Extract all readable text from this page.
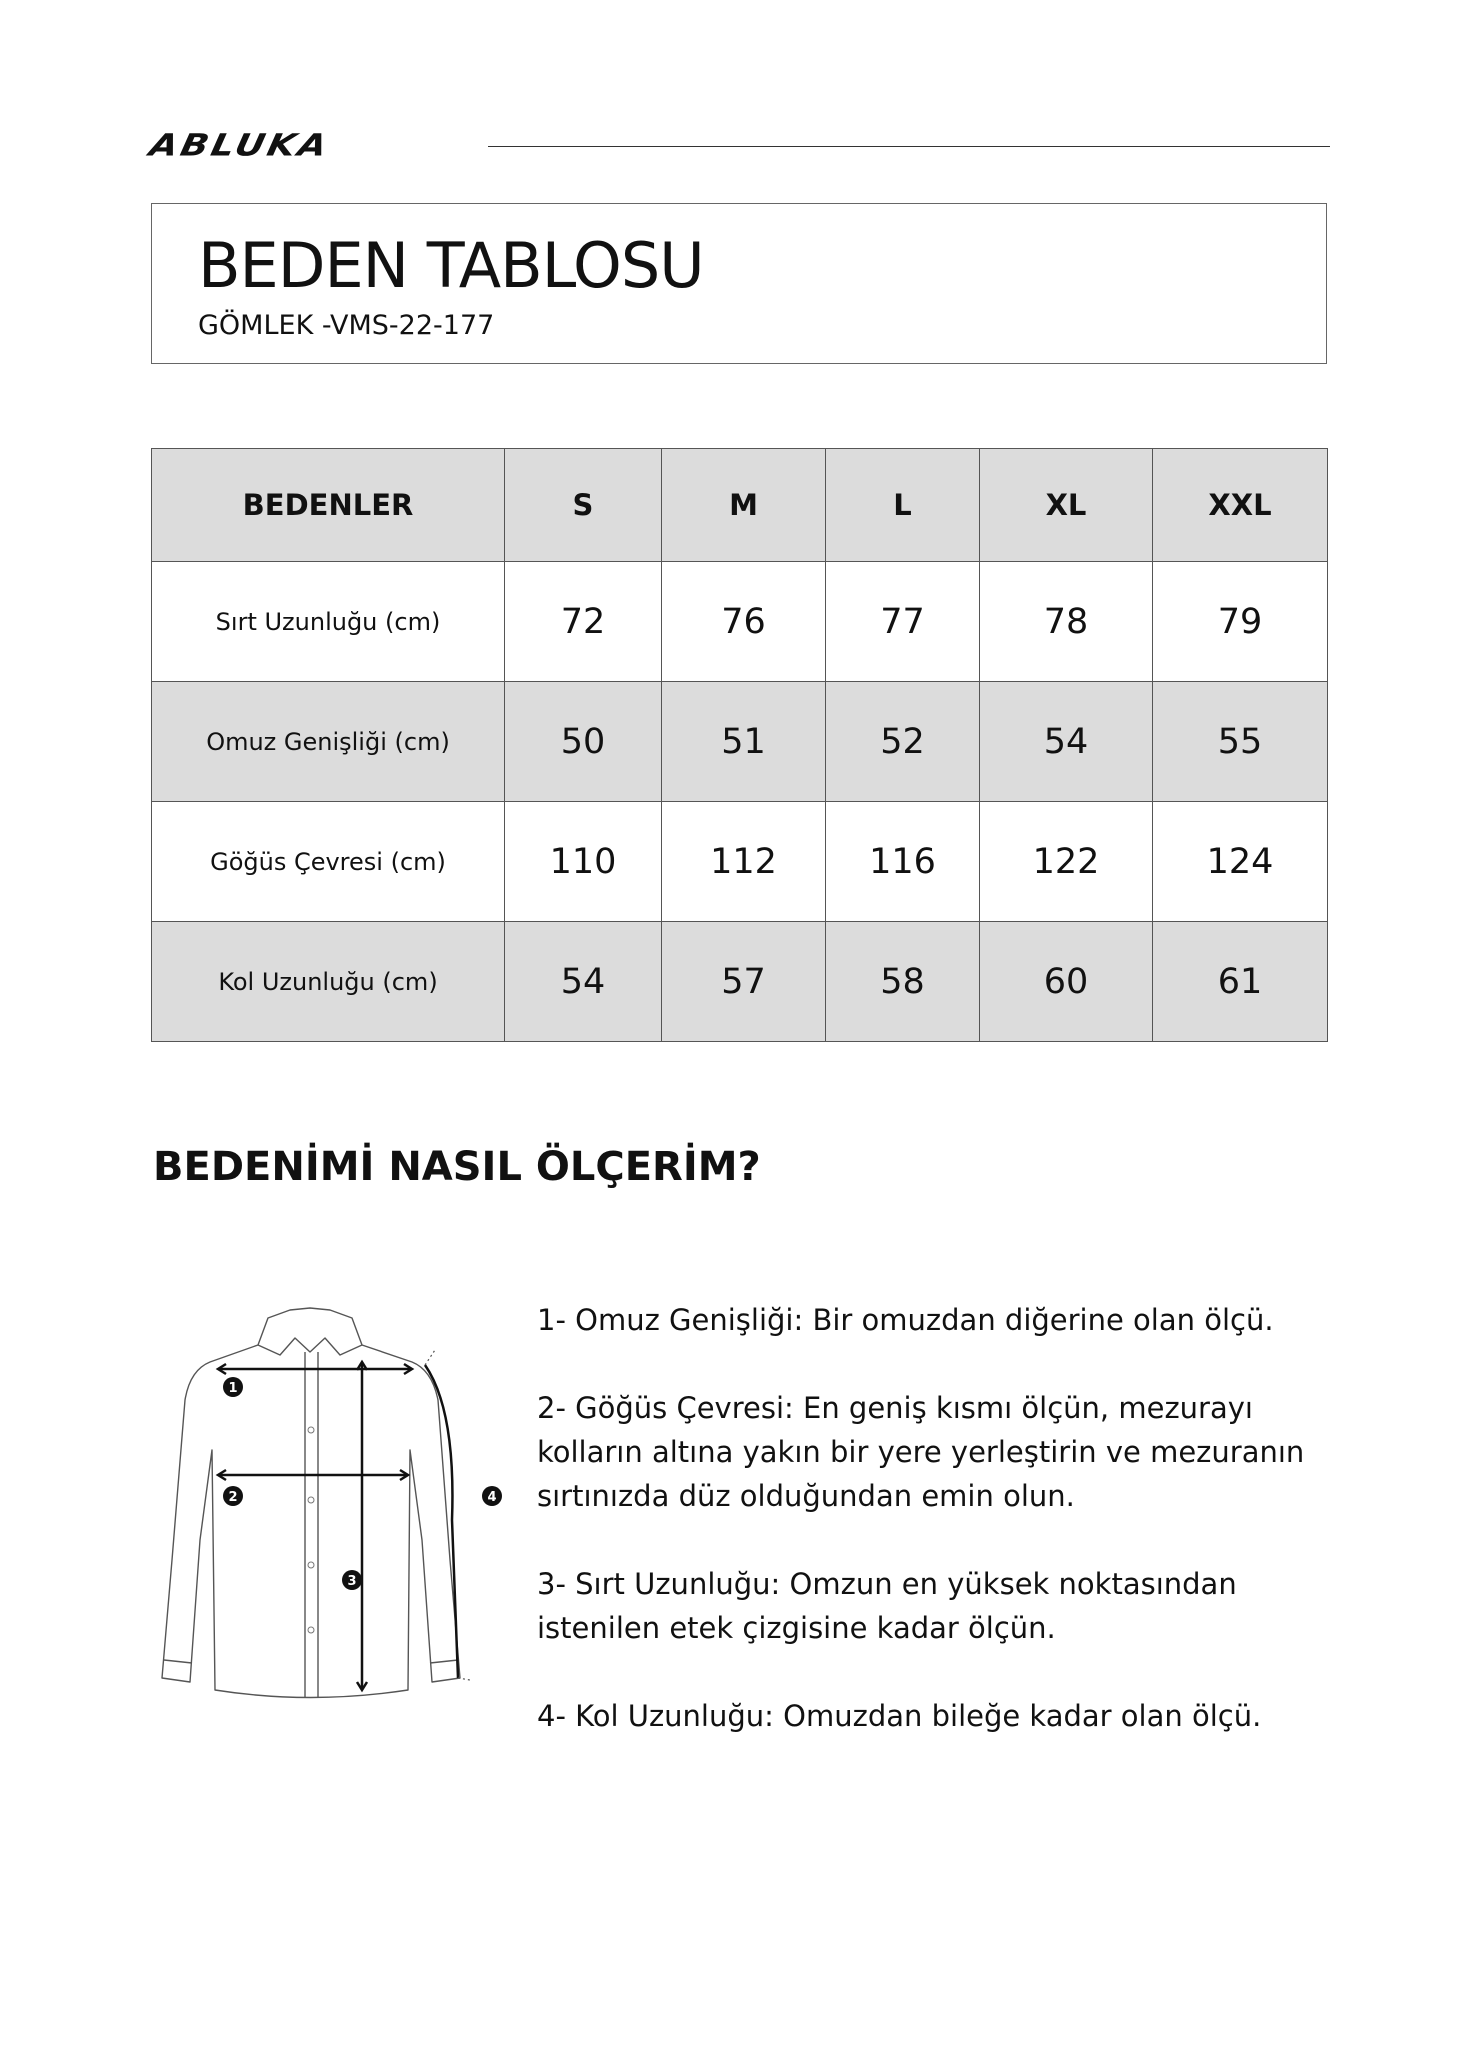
ABLUKA
BEDEN TABLOSU
GÖMLEK -VMS-22-177
BEDENLER	S	M	L	XL	XXL
Sırt Uzunluğu (cm)	72	76	77	78	79
Omuz Genişliği (cm)	50	51	52	54	55
Göğüs Çevresi (cm)	110	112	116	122	124
Kol Uzunluğu (cm)	54	57	58	60	61
BEDENİMİ NASIL ÖLÇERİM?
1
2
3
4

1- Omuz Genişliği: Bir omuzdan diğerine olan ölçü.

2- Göğüs Çevresi: En geniş kısmı ölçün, mezurayı kolların altına yakın bir yere yerleştirin ve mezuranın sırtınızda düz olduğundan emin olun.

3- Sırt Uzunluğu: Omzun en yüksek noktasından istenilen etek çizgisine kadar ölçün.

4- Kol Uzunluğu: Omuzdan bileğe kadar olan ölçü.
